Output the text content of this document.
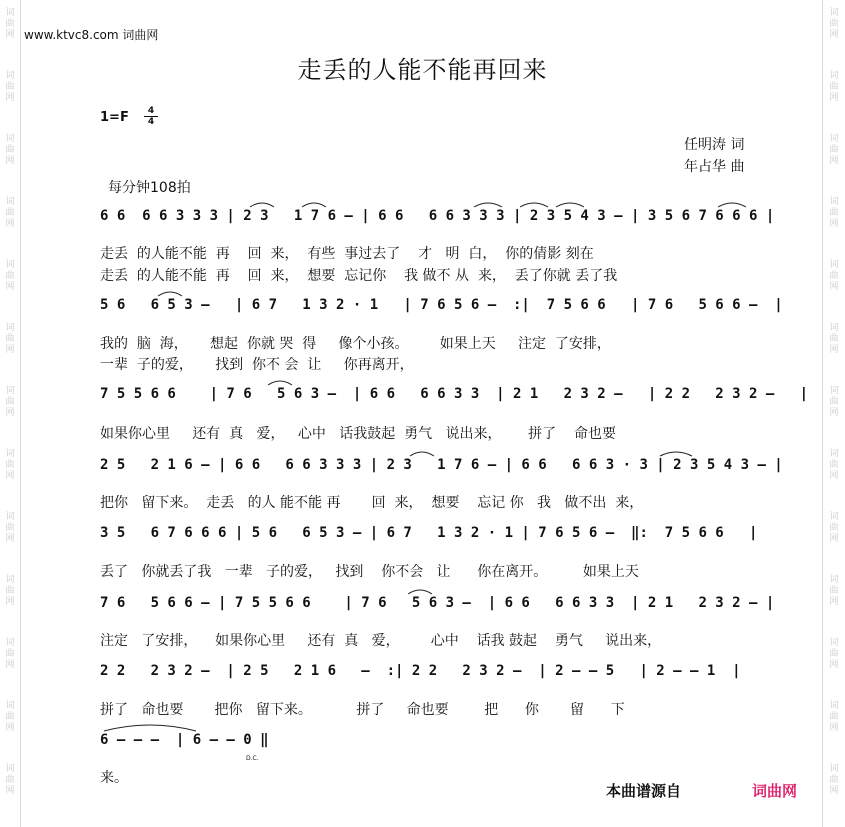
词曲网
词曲网
词曲网
词曲网
词曲网
词曲网
词曲网
词曲网
词曲网
词曲网
词曲网
词曲网
词曲网
词曲网
词曲网
词曲网
词曲网
词曲网
词曲网
词曲网
词曲网
词曲网
词曲网
词曲网
词曲网
词曲网
www.ktvc8.com 词曲网
走丢的人能不能再回来
$1=F \frac{4}{4}$
任明涛 词
年占华 曲
每分钟108拍
6 6  6 6 3 3 3 | 2 3   1 7 6 — | 6 6   6 6 3 3 3 | 2 3 5 4 3 — | 3 5 6 7 6 6 6 |
走丢  的人能不能  再    回  来，  有些  事过去了    才   明  白，  你的倩影 刻在
走丢  的人能不能  再    回  来，  想要  忘记你    我 做不 从  来，  丢了你就 丢了我
5 6   6 5 3 —   | 6 7   1 3 2 · 1   | 7 6 5 6 —  :|  7 5 6 6   | 7 6   5 6 6 —  |
我的  脑  海，     想起  你就 哭  得     像个小孩。       如果上天     注定  了安排，
一辈  子的爱，     找到  你不 会  让     你再离开，
7 5 5 6 6    | 7 6   5 6 3 —  | 6 6   6 6 3 3  | 2 1   2 3 2 —   | 2 2   2 3 2 —   |
如果你心里     还有  真   爱，   心中   话我鼓起  勇气   说出来，      拼了    命也要
2 5   2 1 6 — | 6 6   6 6 3 3 3 | 2 3   1 7 6 — | 6 6   6 6 3 · 3 | 2 3 5 4 3 — |
把你   留下来。  走丢   的人 能不能 再       回  来，  想要    忘记 你   我   做不出  来，
3 5   6 7 6 6 6 | 5 6   6 5 3 — | 6 7   1 3 2 · 1 | 7 6 5 6 —  ‖:  7 5 6 6   |
丢了   你就丢了我   一辈   子的爱，   找到    你不会   让      你在离开。        如果上天
7 6   5 6 6 — | 7 5 5 6 6    | 7 6   5 6 3 —  | 6 6   6 6 3 3  | 2 1   2 3 2 — |
注定   了安排，    如果你心里     还有  真   爱，       心中    话我 鼓起    勇气     说出来，
2 2   2 3 2 —  | 2 5   2 1 6   —  :| 2 2   2 3 2 —  | 2 — — 5   | 2 — — 1  |
拼了   命也要       把你   留下来。          拼了     命也要        把      你       留      下
6 — — —  | 6 — — 0 ‖
来。
D.C.
本曲谱源自	词曲网
